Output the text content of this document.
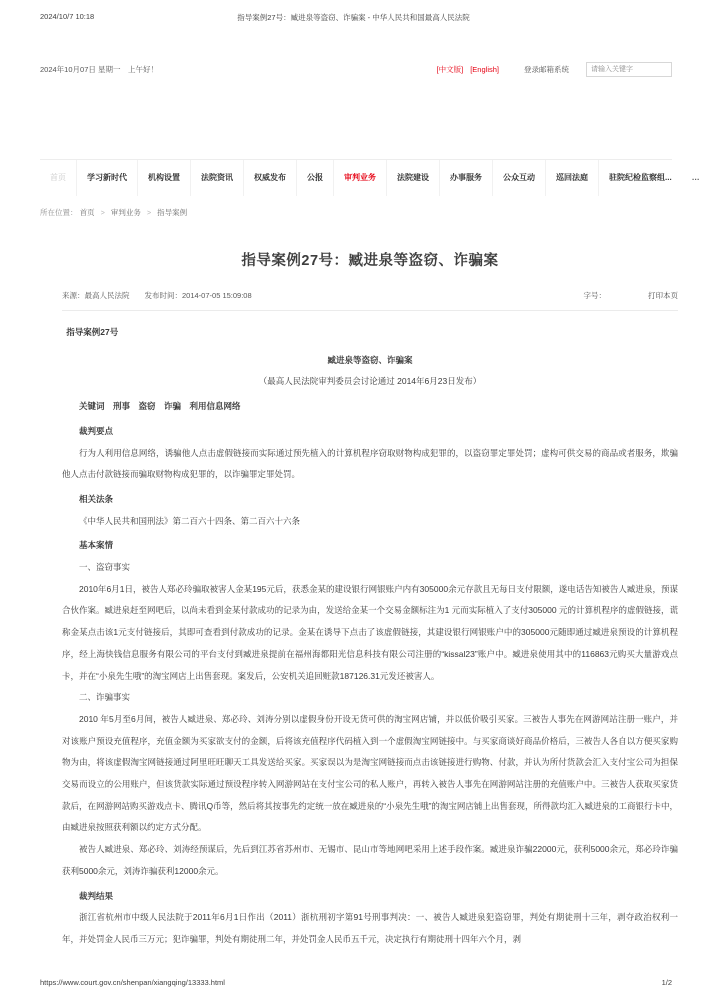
2024/10/7 10:18	指导案例27号：臧进泉等盗窃、诈骗案 - 中华人民共和国最高人民法院
2024年10月07日 星期一　上午好！	[中文版] [English]	登录邮箱系统
请输入关键字
首页	学习新时代	机构设置	法院资讯	权威发布	公报	审判业务	法院建设	办事服务	公众互动	巡回法庭	驻院纪检监察组...	…
所在位置： 首页 > 审判业务 > 指导案例
指导案例27号：臧进泉等盗窃、诈骗案
来源：最高人民法院 发布时间：2014-07-05 15:09:08	字号：	打印本页

指导案例27号

臧进泉等盗窃、诈骗案

（最高人民法院审判委员会讨论通过 2014年6月23日发布）

关键词　刑事　盗窃　诈骗　利用信息网络

裁判要点

行为人利用信息网络，诱骗他人点击虚假链接而实际通过预先植入的计算机程序窃取财物构成犯罪的，以盗窃罪定罪处罚；虚构可供交易的商品或者服务，欺骗他人点击付款链接而骗取财物构成犯罪的，以诈骗罪定罪处罚。

相关法条

《中华人民共和国刑法》第二百六十四条、第二百六十六条

基本案情

一、盗窃事实

2010年6月1日，被告人郑必玲骗取被害人金某195元后，获悉金某的建设银行网银账户内有305000余元存款且无每日支付限额，遂电话告知被告人臧进泉，预谋合伙作案。臧进泉赶至网吧后，以尚未看到金某付款成功的记录为由，发送给金某一个交易金额标注为1 元而实际植入了支付305000 元的计算机程序的虚假链接，谎称金某点击该1元支付链接后，其即可查看到付款成功的记录。金某在诱导下点击了该虚假链接，其建设银行网银账户中的305000元随即通过臧进泉预设的计算机程序，经上海快钱信息服务有限公司的平台支付到臧进泉提前在福州海都阳光信息科技有限公司注册的“kissal23”账户中。臧进泉使用其中的116863元购买大量游戏点卡，并在“小泉先生哦”的淘宝网店上出售套现。案发后，公安机关追回赃款187126.31元发还被害人。

二、诈骗事实

2010 年5月至6月间，被告人臧进泉、郑必玲、刘涛分别以虚假身份开设无货可供的淘宝网店铺，并以低价吸引买家。三被告人事先在网游网站注册一账户，并对该账户预设充值程序，充值金额为买家欲支付的金额，后将该充值程序代码植入到一个虚假淘宝网链接中。与买家商谈好商品价格后，三被告人各自以方便买家购物为由，将该虚假淘宝网链接通过阿里旺旺聊天工具发送给买家。买家误以为是淘宝网链接而点击该链接进行购物、付款，并认为所付货款会汇入支付宝公司为担保交易而设立的公用账户，但该货款实际通过预设程序转入网游网站在支付宝公司的私人账户，再转入被告人事先在网游网站注册的充值账户中。三被告人获取买家货款后，在网游网站购买游戏点卡、腾讯Q币等，然后将其按事先约定统一放在臧进泉的“小泉先生哦”的淘宝网店铺上出售套现，所得款均汇入臧进泉的工商银行卡中，由臧进泉按照获利额以约定方式分配。

被告人臧进泉、郑必玲、刘涛经预谋后，先后到江苏省苏州市、无锡市、昆山市等地网吧采用上述手段作案。臧进泉诈骗22000元，获利5000余元，郑必玲诈骗获利5000余元，刘涛诈骗获利12000余元。

裁判结果

浙江省杭州市中级人民法院于2011年6月1日作出（2011）浙杭刑初字第91号刑事判决：一、被告人臧进泉犯盗窃罪，判处有期徒刑十三年，剥夺政治权利一年，并处罚金人民币三万元；犯诈骗罪，判处有期徒刑二年，并处罚金人民币五千元，决定执行有期徒刑十四年六个月，剥

https://www.court.gov.cn/shenpan/xiangqing/13333.html	1/2
